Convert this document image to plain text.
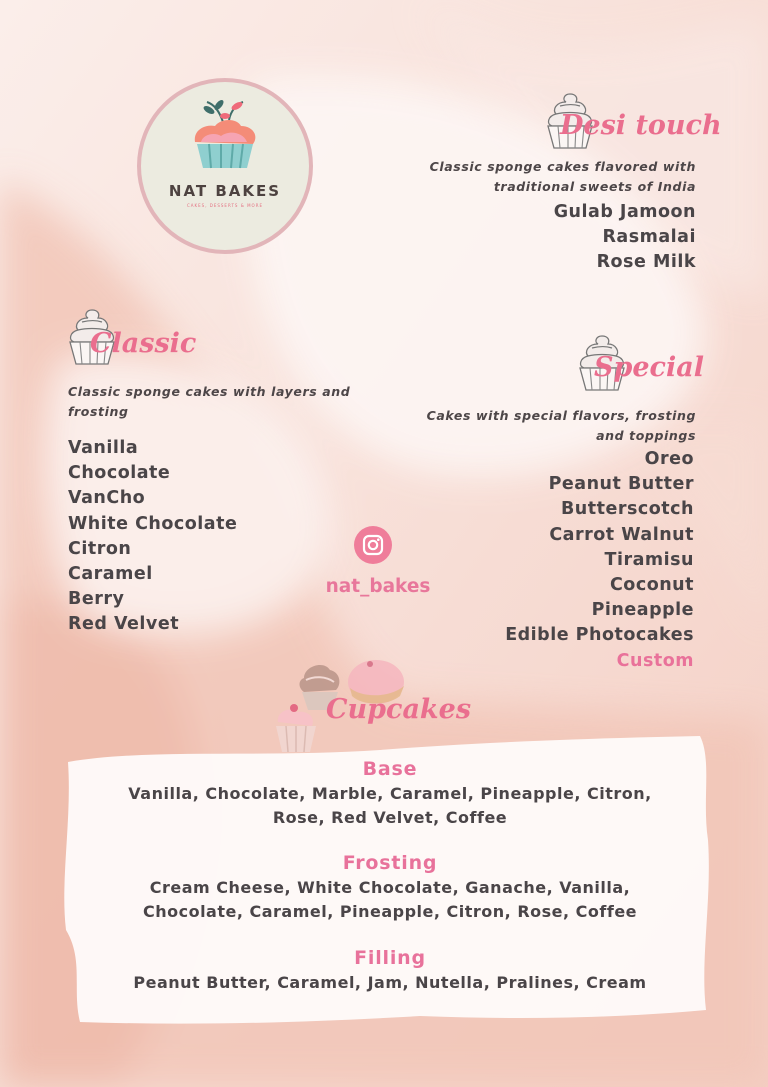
NAT BAKES
CAKES, DESSERTS & MORE
Desi touch
Classic sponge cakes flavored with
traditional sweets of India
Gulab Jamoon
Rasmalai
Rose Milk
Classic
Classic sponge cakes with layers and
frosting
Vanilla
Chocolate
VanCho
White Chocolate
Citron
Caramel
Berry
Red Velvet
Special
Cakes with special flavors, frosting
and toppings
Oreo
Peanut Butter
Butterscotch
Carrot Walnut
Tiramisu
Coconut
Pineapple
Edible Photocakes
Custom
nat_bakes
Cupcakes
Base
Vanilla, Chocolate, Marble, Caramel, Pineapple, Citron,
Rose, Red Velvet, Coffee
Frosting
Cream Cheese, White Chocolate, Ganache, Vanilla,
Chocolate, Caramel, Pineapple, Citron, Rose, Coffee
Filling
Peanut Butter, Caramel, Jam, Nutella, Pralines, Cream
